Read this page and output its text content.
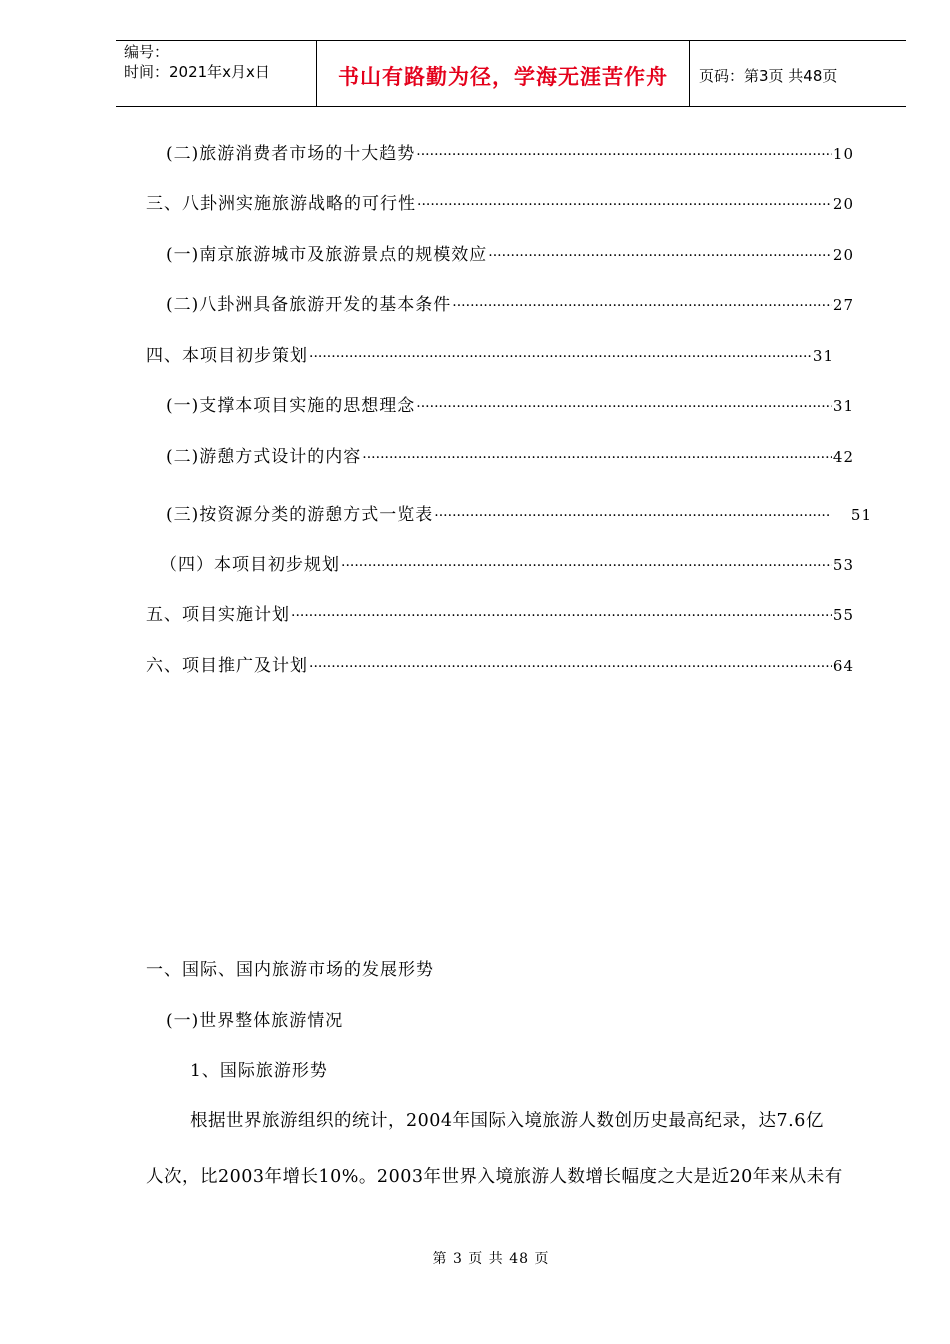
编号：
时间：2021年x月x日	书山有路勤为径，学海无涯苦作舟	页码：第3页 共48页
(二)旅游消费者市场的十大趋势 ·····	10
三、八卦洲实施旅游战略的可行性 ·····	20
(一)南京旅游城市及旅游景点的规模效应 ·····	20
(二)八卦洲具备旅游开发的基本条件 ·····	27
四、本项目初步策划 ·····	31
(一)支撑本项目实施的思想理念 ·····	31
(二)游憩方式设计的内容 ·····	42
(三)按资源分类的游憩方式一览表 ·····	51
（四）本项目初步规划 ·····	53
五、项目实施计划 ·····	55
六、项目推广及计划 ·····	64
一、国际、国内旅游市场的发展形势
(一)世界整体旅游情况
1、国际旅游形势
根据世界旅游组织的统计，2004年国际入境旅游人数创历史最高纪录，达7.6亿
人次，比2003年增长10%。2003年世界入境旅游人数增长幅度之大是近20年来从未有
第 3 页 共 48 页
